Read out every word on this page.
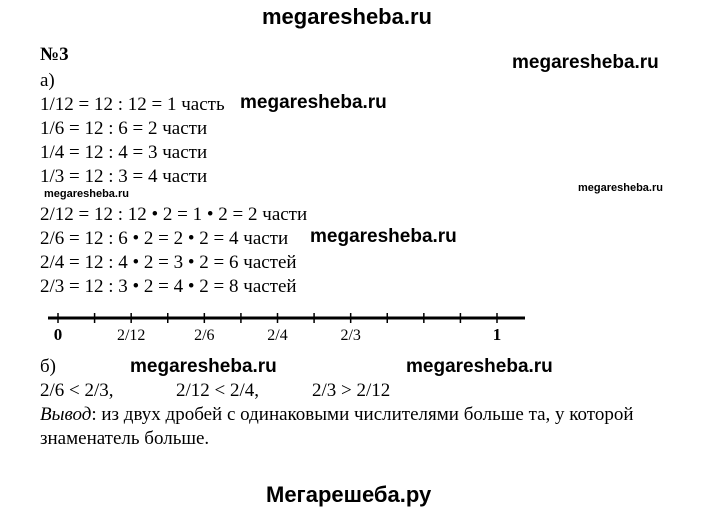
megaresheba.ru
№3
а)
1/12 = 12 : 12 = 1 часть
1/6 = 12 : 6 = 2 части
1/4 = 12 : 4 = 3 части
1/3 = 12 : 3 = 4 части
2/12 = 12 : 12 • 2 = 1 • 2 = 2 части
2/6 = 12 : 6 • 2 = 2 • 2 = 4 части
2/4 = 12 : 4 • 2 = 3 • 2 = 6 частей
2/3 = 12 : 3 • 2 = 4 • 2 = 8 частей
megaresheba.ru
megaresheba.ru
megaresheba.ru	megaresheba.ru
megaresheba.ru
0	2/12	2/6	2/4	2/3	1
megaresheba.ru	megaresheba.ru
б)
2/6 < 2/3,	2/12 < 2/4,	2/3 > 2/12
Вывод: из двух дробей с одинаковыми числителями больше та, у которой
знаменатель больше.
Мегарешеба.ру
